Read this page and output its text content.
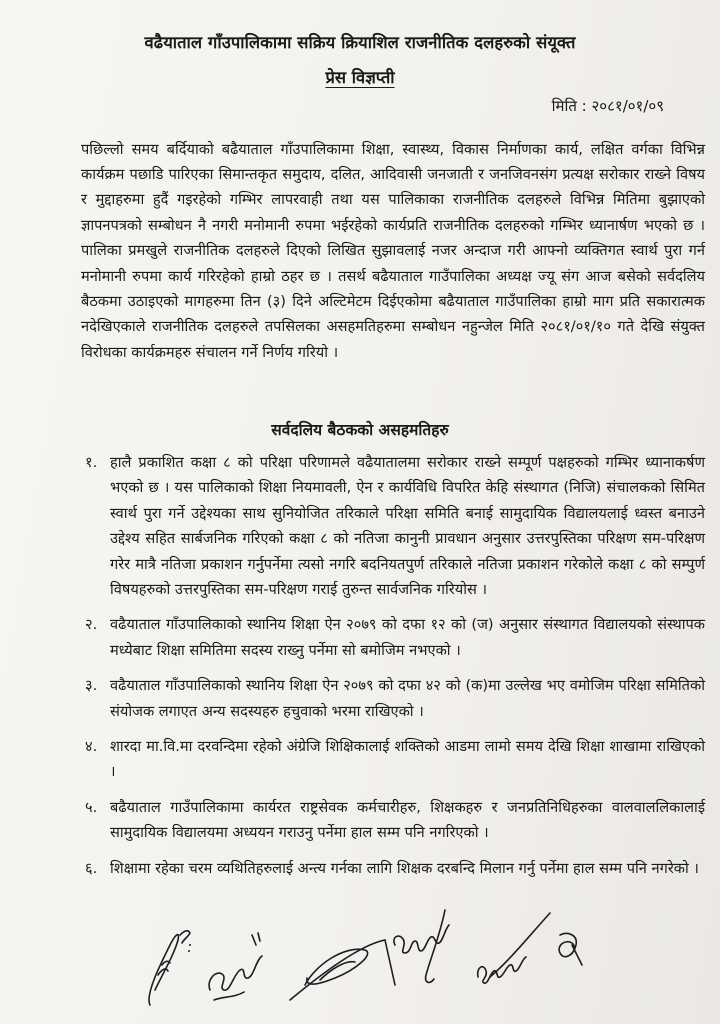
वढैयाताल गाँउपालिकामा सक्रिय क्रियाशिल राजनीतिक दलहरुको संयूक्त
प्रेस विज्ञप्ती
मिति : २०८१/०१/०९

पछिल्लो समय बर्दियाको बढैयाताल गाँउपालिकामा शिक्षा, स्वास्थ्य, विकास निर्माणका कार्य, लक्षित वर्गका विभिन्न कार्यक्रम पछाडि पारिएका सिमान्तकृत समुदाय, दलित, आदिवासी जनजाती र जनजिवनसंग प्रत्यक्ष सरोकार राख्ने विषय र मुद्दाहरुमा हुदैं गइरहेको गम्भिर लापरवाही तथा यस पालिकाका राजनीतिक दलहरुले विभिन्न मितिमा बुझाएको ज्ञापनपत्रको सम्बोधन नै नगरी मनोमानी रुपमा भईरहेको कार्यप्रति राजनीतिक दलहरुको गम्भिर ध्यानार्षण भएको छ । पालिका प्रमखुले राजनीतिक दलहरुले दिएको लिखित सुझावलाई नजर अन्दाज गरी आफ्नो व्यक्तिगत स्वार्थ पुरा गर्न मनोमानी रुपमा कार्य गरिरहेको हाम्रो ठहर छ । तसर्थ बढैयाताल गाउँपालिका अध्यक्ष ज्यू संग आज बसेको सर्वदलिय बैठकमा उठाइएको मागहरुमा तिन (३) दिने अल्टिमेटम दिईएकोमा बढैयाताल गाउँपालिका हाम्रो माग प्रति सकारात्मक नदेखिएकाले राजनीतिक दलहरुले तपसिलका असहमतिहरुमा सम्बोधन नहुन्जेल मिति २०८१/०१/१० गते देखि संयुक्त विरोधका कार्यक्रमहरु संचालन गर्ने निर्णय गरियो ।

सर्वदलिय बैठकको असहमतिहरु
१. हालै प्रकाशित कक्षा ८ को परिक्षा परिणामले वढैयातालमा सरोकार राख्ने सम्पूर्ण पक्षहरुको गम्भिर ध्यानाकर्षण भएको छ । यस पालिकाको शिक्षा नियमावली, ऐन र कार्यविधि विपरित केहि संस्थागत (निजि) संचालकको सिमित स्वार्थ पुरा गर्ने उद्देश्यका साथ सुनियोजित तरिकाले परिक्षा समिति बनाई सामुदायिक विद्यालयलाई ध्वस्त बनाउने उद्देश्य सहित सार्बजनिक गरिएको कक्षा ८ को नतिजा कानुनी प्रावधान अनुसार उत्तरपुस्तिका परिक्षण सम-परिक्षण गरेर मात्रै नतिजा प्रकाशन गर्नुपर्नेमा त्यसो नगरि बदनियतपुर्ण तरिकाले नतिजा प्रकाशन गरेकोले कक्षा ८ को सम्पुर्ण विषयहरुको उत्तरपुस्तिका सम-परिक्षण गराई तुरुन्त सार्वजनिक गरियोस ।
२. वढैयाताल गाँउपालिकाको स्थानिय शिक्षा ऐन २०७९ को दफा १२ को (ज) अनुसार संस्थागत विद्यालयको संस्थापक मध्येबाट शिक्षा समितिमा सदस्य राख्नु पर्नेमा सो बमोजिम नभएको ।
३. वढैयाताल गाँउपालिकाको स्थानिय शिक्षा ऐन २०७९ को दफा ४२ को (क)मा उल्लेख भए वमोजिम परिक्षा समितिको संयोजक लगाएत अन्य सदस्यहरु हचुवाको भरमा राखिएको ।
४. शारदा मा.वि.मा दरवन्दिमा रहेको अंग्रेजि शिक्षिकालाई शक्तिको आडमा लामो समय देखि शिक्षा शाखामा राखिएको ।
५. बढैयाताल गाउँपालिकामा कार्यरत राष्ट्रसेवक कर्मचारीहरु, शिक्षकहरु र जनप्रतिनिधिहरुका वालवाललिकालाई सामुदायिक विद्यालयमा अध्ययन गराउनु पर्नेमा हाल सम्म पनि नगरिएको ।
६. शिक्षामा रहेका चरम व्यथितिहरुलाई अन्त्य गर्नका लागि शिक्षक दरबन्दि मिलान गर्नु पर्नेमा हाल सम्म पनि नगरेको ।
